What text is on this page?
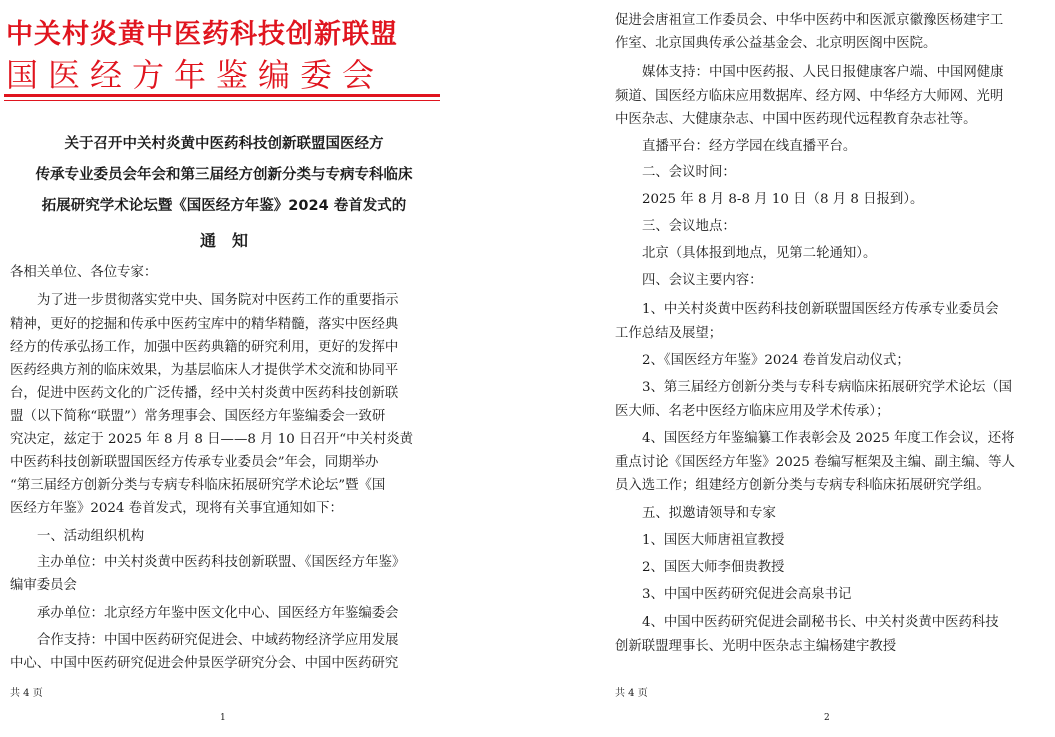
中关村炎黄中医药科技创新联盟
国医经方年鉴编委会
关于召开中关村炎黄中医药科技创新联盟国医经方
传承专业委员会年会和第三届经方创新分类与专病专科临床
拓展研究学术论坛暨《国医经方年鉴》2024 卷首发式的
通　知
各相关单位、各位专家：
为了进一步贯彻落实党中央、国务院对中医药工作的重要指示
精神，更好的挖掘和传承中医药宝库中的精华精髓，落实中医经典
经方的传承弘扬工作，加强中医药典籍的研究利用，更好的发挥中
医药经典方剂的临床效果，为基层临床人才提供学术交流和协同平
台，促进中医药文化的广泛传播，经中关村炎黄中医药科技创新联
盟（以下简称“联盟”）常务理事会、国医经方年鉴编委会一致研
究决定，兹定于 2025 年 8 月 8 日——8 月 10 日召开“中关村炎黄
中医药科技创新联盟国医经方传承专业委员会”年会，同期举办
“第三届经方创新分类与专病专科临床拓展研究学术论坛”暨《国
医经方年鉴》2024 卷首发式，现将有关事宜通知如下：
一、活动组织机构
主办单位：中关村炎黄中医药科技创新联盟、《国医经方年鉴》
编审委员会
承办单位：北京经方年鉴中医文化中心、国医经方年鉴编委会
合作支持：中国中医药研究促进会、中域药物经济学应用发展
中心、中国中医药研究促进会仲景医学研究分会、中国中医药研究
共 4 页
1
促进会唐祖宣工作委员会、中华中医药中和医派京徽豫医杨建宇工
作室、北京国典传承公益基金会、北京明医阁中医院。
媒体支持：中国中医药报、人民日报健康客户端、中国网健康
频道、国医经方临床应用数据库、经方网、中华经方大师网、光明
中医杂志、大健康杂志、中国中医药现代远程教育杂志社等。
直播平台：经方学园在线直播平台。
二、会议时间：
2025 年 8 月 8-8 月 10 日（8 月 8 日报到）。
三、会议地点：
北京（具体报到地点，见第二轮通知）。
四、会议主要内容：
1、中关村炎黄中医药科技创新联盟国医经方传承专业委员会
工作总结及展望；
2、《国医经方年鉴》2024 卷首发启动仪式；
3、第三届经方创新分类与专科专病临床拓展研究学术论坛（国
医大师、名老中医经方临床应用及学术传承）；
4、国医经方年鉴编纂工作表彰会及 2025 年度工作会议，还将
重点讨论《国医经方年鉴》2025 卷编写框架及主编、副主编、等人
员入选工作；组建经方创新分类与专病专科临床拓展研究学组。
五、拟邀请领导和专家
1、国医大师唐祖宣教授
2、国医大师李佃贵教授
3、中国中医药研究促进会高泉书记
4、中国中医药研究促进会副秘书长、中关村炎黄中医药科技
创新联盟理事长、光明中医杂志主编杨建宇教授
共 4 页
2
